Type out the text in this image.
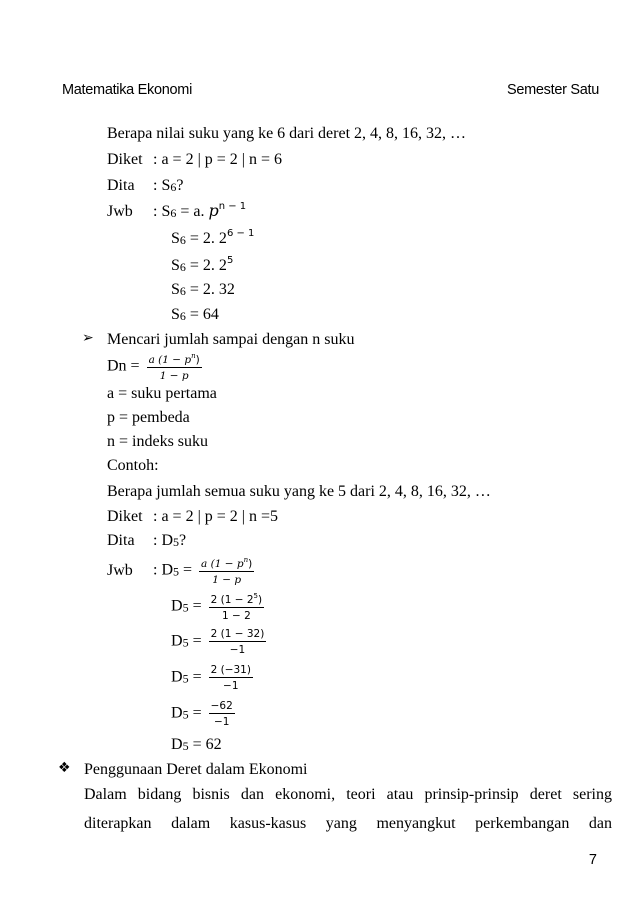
Matematika Ekonomi	Semester Satu
Berapa nilai suku yang ke 6 dari deret 2, 4, 8, 16, 32, …
Diket : a = 2 | p = 2 | n = 6
Dita : S6?
Jwb : S6 = a. $p^{n - 1}$
S6 = 2. $2^{6 - 1}$
S6 = 2. $2^5$
S6 = 2. 32
S6 = 64
➢ Mencari jumlah sampai dengan n suku
$Dn = \frac{a (1 - p^n)}{1 - p}$
a = suku pertama
p = pembeda
n = indeks suku
Contoh:
Berapa jumlah semua suku yang ke 5 dari 2, 4, 8, 16, 32, …
Diket : a = 2 | p = 2 | n =5
Dita : D5?
Jwb : $D5 = \frac{a (1 - p^n)}{1 - p}$
$D5 = \frac{2 (1 - 2^5)}{1 - 2}$
$D5 = \frac{2 (1 - 32)}{-1}$
$D5 = \frac{2 (-31)}{-1}$
$D5 = \frac{-62}{-1}$
D5 = 62
❖ Penggunaan Deret dalam Ekonomi
Dalam bidang bisnis dan ekonomi, teori atau prinsip-prinsip deret sering
diterapkan dalam kasus-kasus yang menyangkut perkembangan dan
7
